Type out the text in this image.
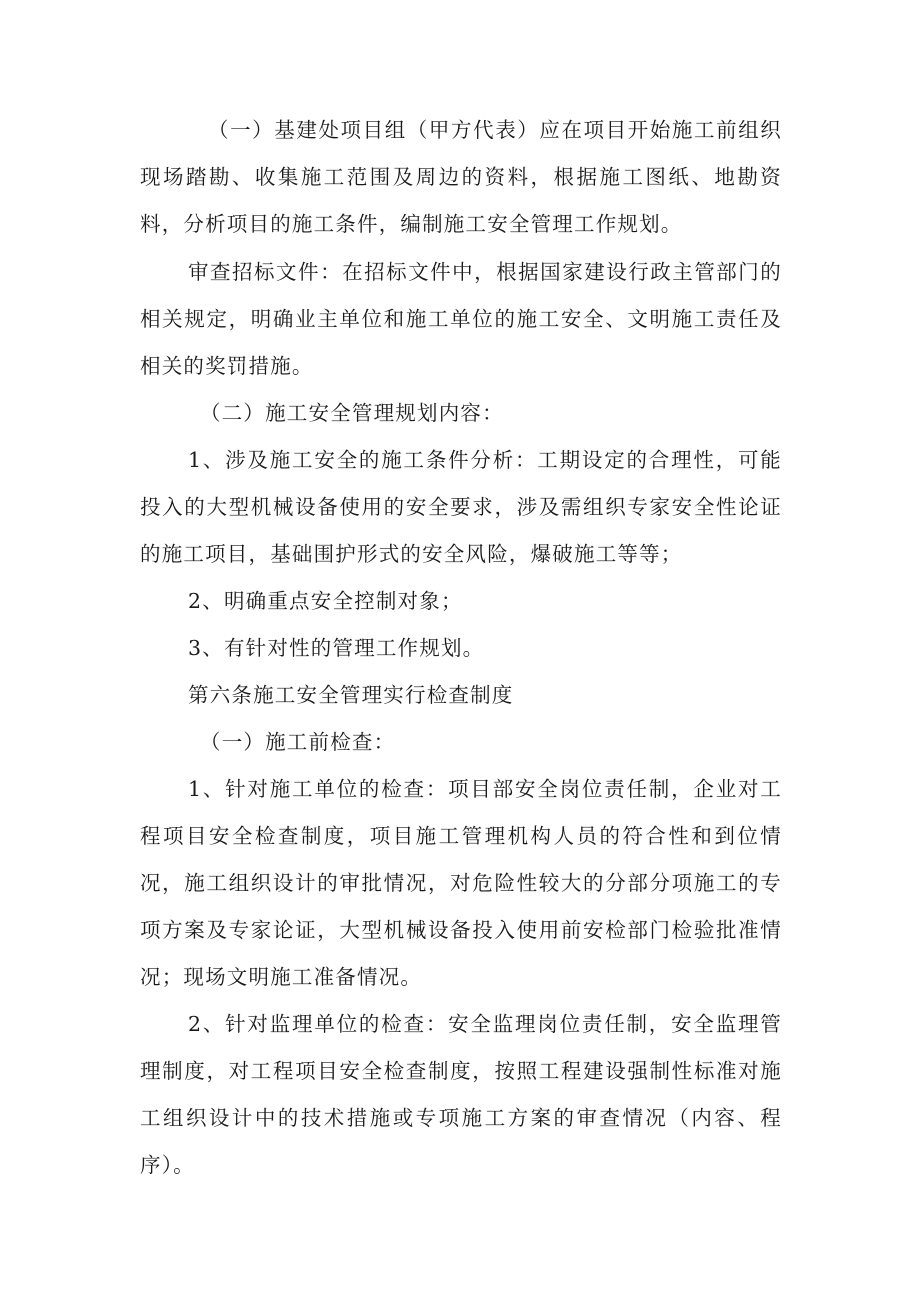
（一）基建处项目组（甲方代表）应在项目开始施工前组织现场踏勘、收集施工范围及周边的资料，根据施工图纸、地勘资料，分析项目的施工条件，编制施工安全管理工作规划。

审查招标文件：在招标文件中，根据国家建设行政主管部门的相关规定，明确业主单位和施工单位的施工安全、文明施工责任及相关的奖罚措施。

（二）施工安全管理规划内容：

1、涉及施工安全的施工条件分析：工期设定的合理性，可能投入的大型机械设备使用的安全要求，涉及需组织专家安全性论证的施工项目，基础围护形式的安全风险，爆破施工等等；

2、明确重点安全控制对象；

3、有针对性的管理工作规划。

第六条施工安全管理实行检查制度

（一）施工前检查：

1、针对施工单位的检查：项目部安全岗位责任制，企业对工程项目安全检查制度，项目施工管理机构人员的符合性和到位情况，施工组织设计的审批情况，对危险性较大的分部分项施工的专项方案及专家论证，大型机械设备投入使用前安检部门检验批准情况；现场文明施工准备情况。

2、针对监理单位的检查：安全监理岗位责任制，安全监理管理制度，对工程项目安全检查制度，按照工程建设强制性标准对施工组织设计中的技术措施或专项施工方案的审查情况（内容、程序）。
